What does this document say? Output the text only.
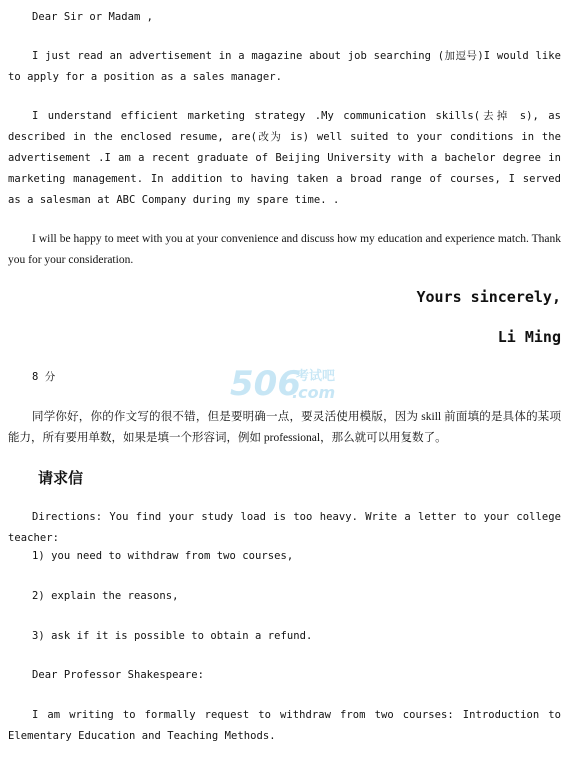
Dear Sir or Madam ,
I just read an advertisement in a magazine about job searching (加逗号)I would like to apply for a position as a sales manager.
I understand efficient marketing strategy .My communication skills(去掉 s), as described in the enclosed resume, are(改为 is) well suited to your conditions in the advertisement .I am a recent graduate of Beijing University with a bachelor degree in marketing management. In addition to having taken a broad range of courses, I served as a salesman at ABC Company during my spare time. .
I will be happy to meet with you at your convenience and discuss how my education and experience match. Thank you for your consideration.
Yours sincerely,
Li Ming
8 分
同学你好，你的作文写的很不错，但是要明确一点，要灵活使用模版，因为 skill 前面填的是具体的某项能力，所有要用单数，如果是填一个形容词，例如 professional，那么就可以用复数了。
请求信
Directions: You find your study load is too heavy. Write a letter to your college teacher:
1) you need to withdraw from two courses,
2) explain the reasons,
3) ask if it is possible to obtain a refund.
Dear Professor Shakespeare:
I am writing to formally request to withdraw from two courses: Introduction to Elementary Education and Teaching Methods.
506
考试吧
.com
